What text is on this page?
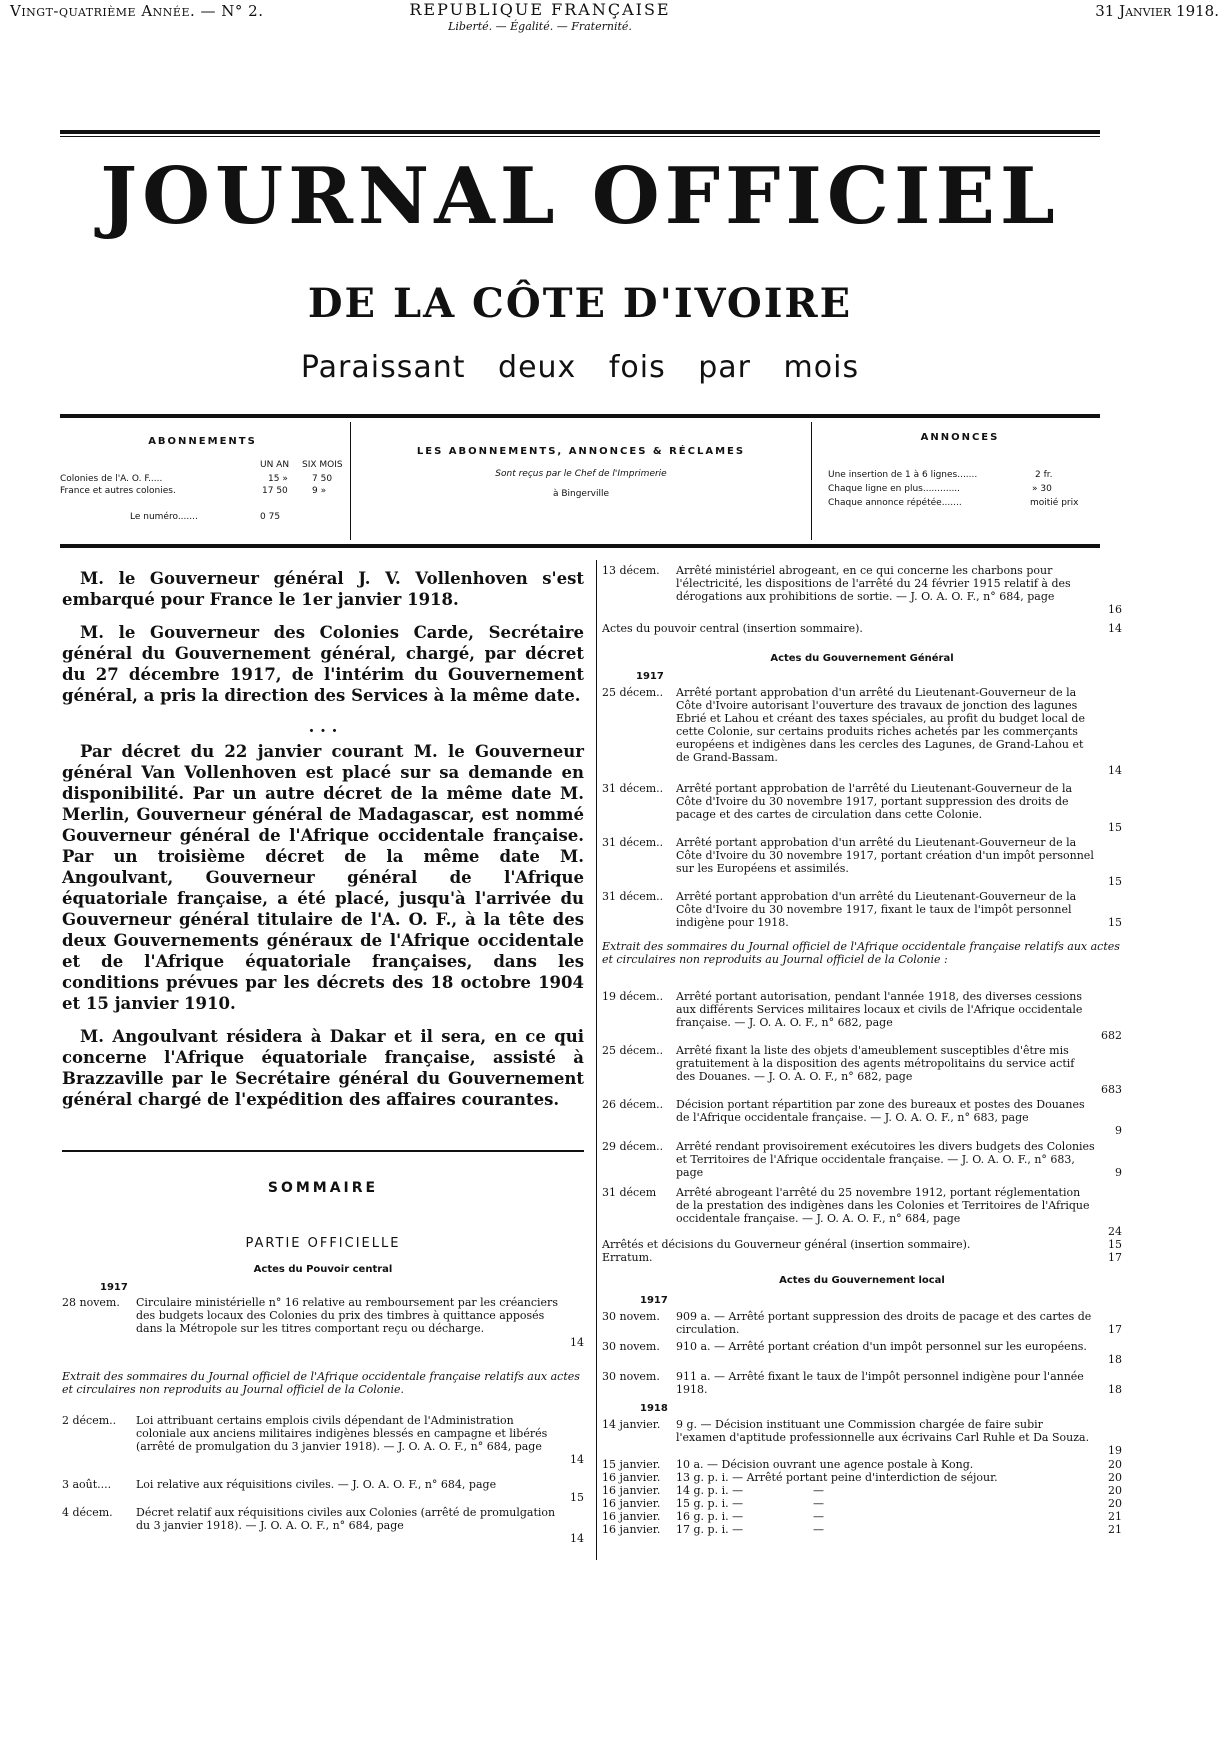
Vingt-quatrième Année. — N° 2.	REPUBLIQUE FRANÇAISE
Liberté. — Égalité. — Fraternité.
31 Janvier 1918.
JOURNAL OFFICIEL
DE LA CÔTE D'IVOIRE
Paraissant deux fois par mois
ABONNEMENTS
UN AN SIX MOIS
Colonies de l'A. O. F.....	15 »	7 50
France et autres colonies.	17 50	9 »
Le numéro.......	0 75
LES ABONNEMENTS, ANNONCES & RÉCLAMES
Sont reçus par le Chef de l'Imprimerie
à Bingerville
ANNONCES
Une insertion de 1 à 6 lignes.......	2 fr.
Chaque ligne en plus.............	» 30
Chaque annonce répétée.......	moitié prix

M. le Gouverneur général J. V. Vollenhoven s'est embarqué pour France le 1er janvier 1918.

M. le Gouverneur des Colonies Carde, Secrétaire général du Gouvernement général, chargé, par décret du 27 décembre 1917, de l'intérim du Gouvernement général, a pris la direction des Services à la même date.

. . .

Par décret du 22 janvier courant M. le Gouverneur général Van Vollenhoven est placé sur sa demande en disponibilité. Par un autre décret de la même date M. Merlin, Gouverneur général de Madagascar, est nommé Gouverneur général de l'Afrique occidentale française. Par un troisième décret de la même date M. Angoulvant, Gouverneur général de l'Afrique équatoriale française, a été placé, jusqu'à l'arrivée du Gouverneur général titulaire de l'A. O. F., à la tête des deux Gouvernements généraux de l'Afrique occidentale et de l'Afrique équatoriale françaises, dans les conditions prévues par les décrets des 18 octobre 1904 et 15 janvier 1910.

M. Angoulvant résidera à Dakar et il sera, en ce qui concerne l'Afrique équatoriale française, assisté à Brazzaville par le Secrétaire général du Gouvernement général chargé de l'expédition des affaires courantes.

SOMMAIRE
PARTIE OFFICIELLE
Actes du Pouvoir central
1917
28 novem.	Circulaire ministérielle n° 16 relative au remboursement par les créanciers des budgets locaux des Colonies du prix des timbres à quittance apposés dans la Métropole sur les titres comportant reçu ou décharge.
14
Extrait des sommaires du Journal officiel de l'Afrique occidentale française relatifs aux actes et circulaires non reproduits au Journal officiel de la Colonie.
2 décem..	Loi attribuant certains emplois civils dépendant de l'Administration coloniale aux anciens militaires indigènes blessés en campagne et libérés (arrêté de promulgation du 3 janvier 1918). — J. O. A. O. F., n° 684, page
14
3 août....	Loi relative aux réquisitions civiles. — J. O. A. O. F., n° 684, page
15
4 décem.	Décret relatif aux réquisitions civiles aux Colonies (arrêté de promulgation du 3 janvier 1918). — J. O. A. O. F., n° 684, page
14
13 décem.	Arrêté ministériel abrogeant, en ce qui concerne les charbons pour l'électricité, les dispositions de l'arrêté du 24 février 1915 relatif à des dérogations aux prohibitions de sortie. — J. O. A. O. F., n° 684, page
16
Actes du pouvoir central (insertion sommaire).	14
Actes du Gouvernement Général
1917
25 décem..	Arrêté portant approbation d'un arrêté du Lieutenant-Gouverneur de la Côte d'Ivoire autorisant l'ouverture des travaux de jonction des lagunes Ebrié et Lahou et créant des taxes spéciales, au profit du budget local de cette Colonie, sur certains produits riches achetés par les commerçants européens et indigènes dans les cercles des Lagunes, de Grand-Lahou et de Grand-Bassam.
14
31 décem..	Arrêté portant approbation de l'arrêté du Lieutenant-Gouverneur de la Côte d'Ivoire du 30 novembre 1917, portant suppression des droits de pacage et des cartes de circulation dans cette Colonie.
15
31 décem..	Arrêté portant approbation d'un arrêté du Lieutenant-Gouverneur de la Côte d'Ivoire du 30 novembre 1917, portant création d'un impôt personnel sur les Européens et assimilés.
15
31 décem..	Arrêté portant approbation d'un arrêté du Lieutenant-Gouverneur de la Côte d'Ivoire du 30 novembre 1917, fixant le taux de l'impôt personnel indigène pour 1918.	15
Extrait des sommaires du Journal officiel de l'Afrique occidentale française relatifs aux actes et circulaires non reproduits au Journal officiel de la Colonie :
19 décem..	Arrêté portant autorisation, pendant l'année 1918, des diverses cessions aux différents Services militaires locaux et civils de l'Afrique occidentale française. — J. O. A. O. F., n° 682, page
682
25 décem..	Arrêté fixant la liste des objets d'ameublement susceptibles d'être mis gratuitement à la disposition des agents métropolitains du service actif des Douanes. — J. O. A. O. F., n° 682, page
683
26 décem..	Décision portant répartition par zone des bureaux et postes des Douanes de l'Afrique occidentale française. — J. O. A. O. F., n° 683, page
9
29 décem..	Arrêté rendant provisoirement exécutoires les divers budgets des Colonies et Territoires de l'Afrique occidentale française. — J. O. A. O. F., n° 683, page	9
31 décem	Arrêté abrogeant l'arrêté du 25 novembre 1912, portant réglementation de la prestation des indigènes dans les Colonies et Territoires de l'Afrique occidentale française. — J. O. A. O. F., n° 684, page
24
Arrêtés et décisions du Gouverneur général (insertion sommaire).	15
Erratum.	17
Actes du Gouvernement local
1917
30 novem.	909 a. — Arrêté portant suppression des droits de pacage et des cartes de circulation.	17
30 novem.	910 a. — Arrêté portant création d'un impôt personnel sur les européens.
18
30 novem.	911 a. — Arrêté fixant le taux de l'impôt personnel indigène pour l'année 1918.	18
1918
14 janvier.	9 g. — Décision instituant une Commission chargée de faire subir l'examen d'aptitude professionnelle aux écrivains Carl Ruhle et Da Souza.
19
15 janvier.	10 a. — Décision ouvrant une agence postale à Kong.	20
16 janvier.	13 g. p. i. — Arrêté portant peine d'interdiction de séjour.	20
16 janvier.	14 g. p. i. —                    —	20
16 janvier.	15 g. p. i. —                    —	20
16 janvier.	16 g. p. i. —                    —	21
16 janvier.	17 g. p. i. —                    —	21
